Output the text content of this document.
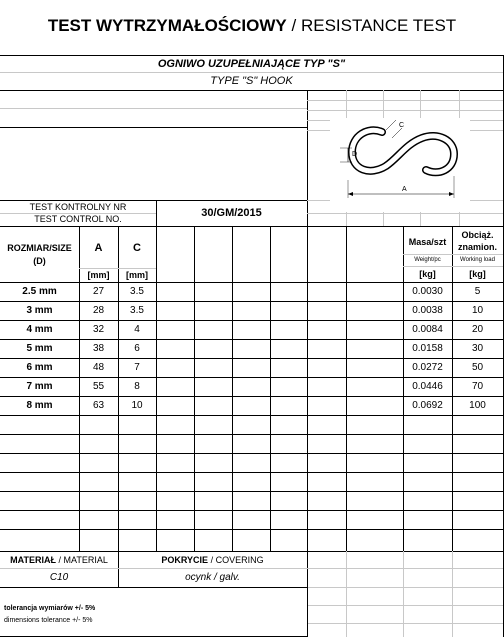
TEST WYTRZYMAŁOŚCIOWY / RESISTANCE TEST
OGNIWO UZUPEŁNIAJĄCE TYP "S"
TYPE "S" HOOK
C
D
A
TEST KONTROLNY NR
TEST CONTROL NO.	30/GM/2015
ROZMIAR/SIZE
(D)
A	C
[mm]	[mm]
Masa/szt
Weight/pc
[kg]
Obciąż.
znamion.
Working load
[kg]
2.5 mm	27	3.5	0.0030	5
3 mm	28	3.5	0.0038	10
4 mm	32	4	0.0084	20
5 mm	38	6	0.0158	30
6 mm	48	7	0.0272	50
7 mm	55	8	0.0446	70
8 mm	63	10	0.0692	100
MATERIAŁ / MATERIAL
C10
POKRYCIE / COVERING
ocynk / galv.
tolerancja wymiarów +/- 5%
dimensions tolerance +/- 5%
